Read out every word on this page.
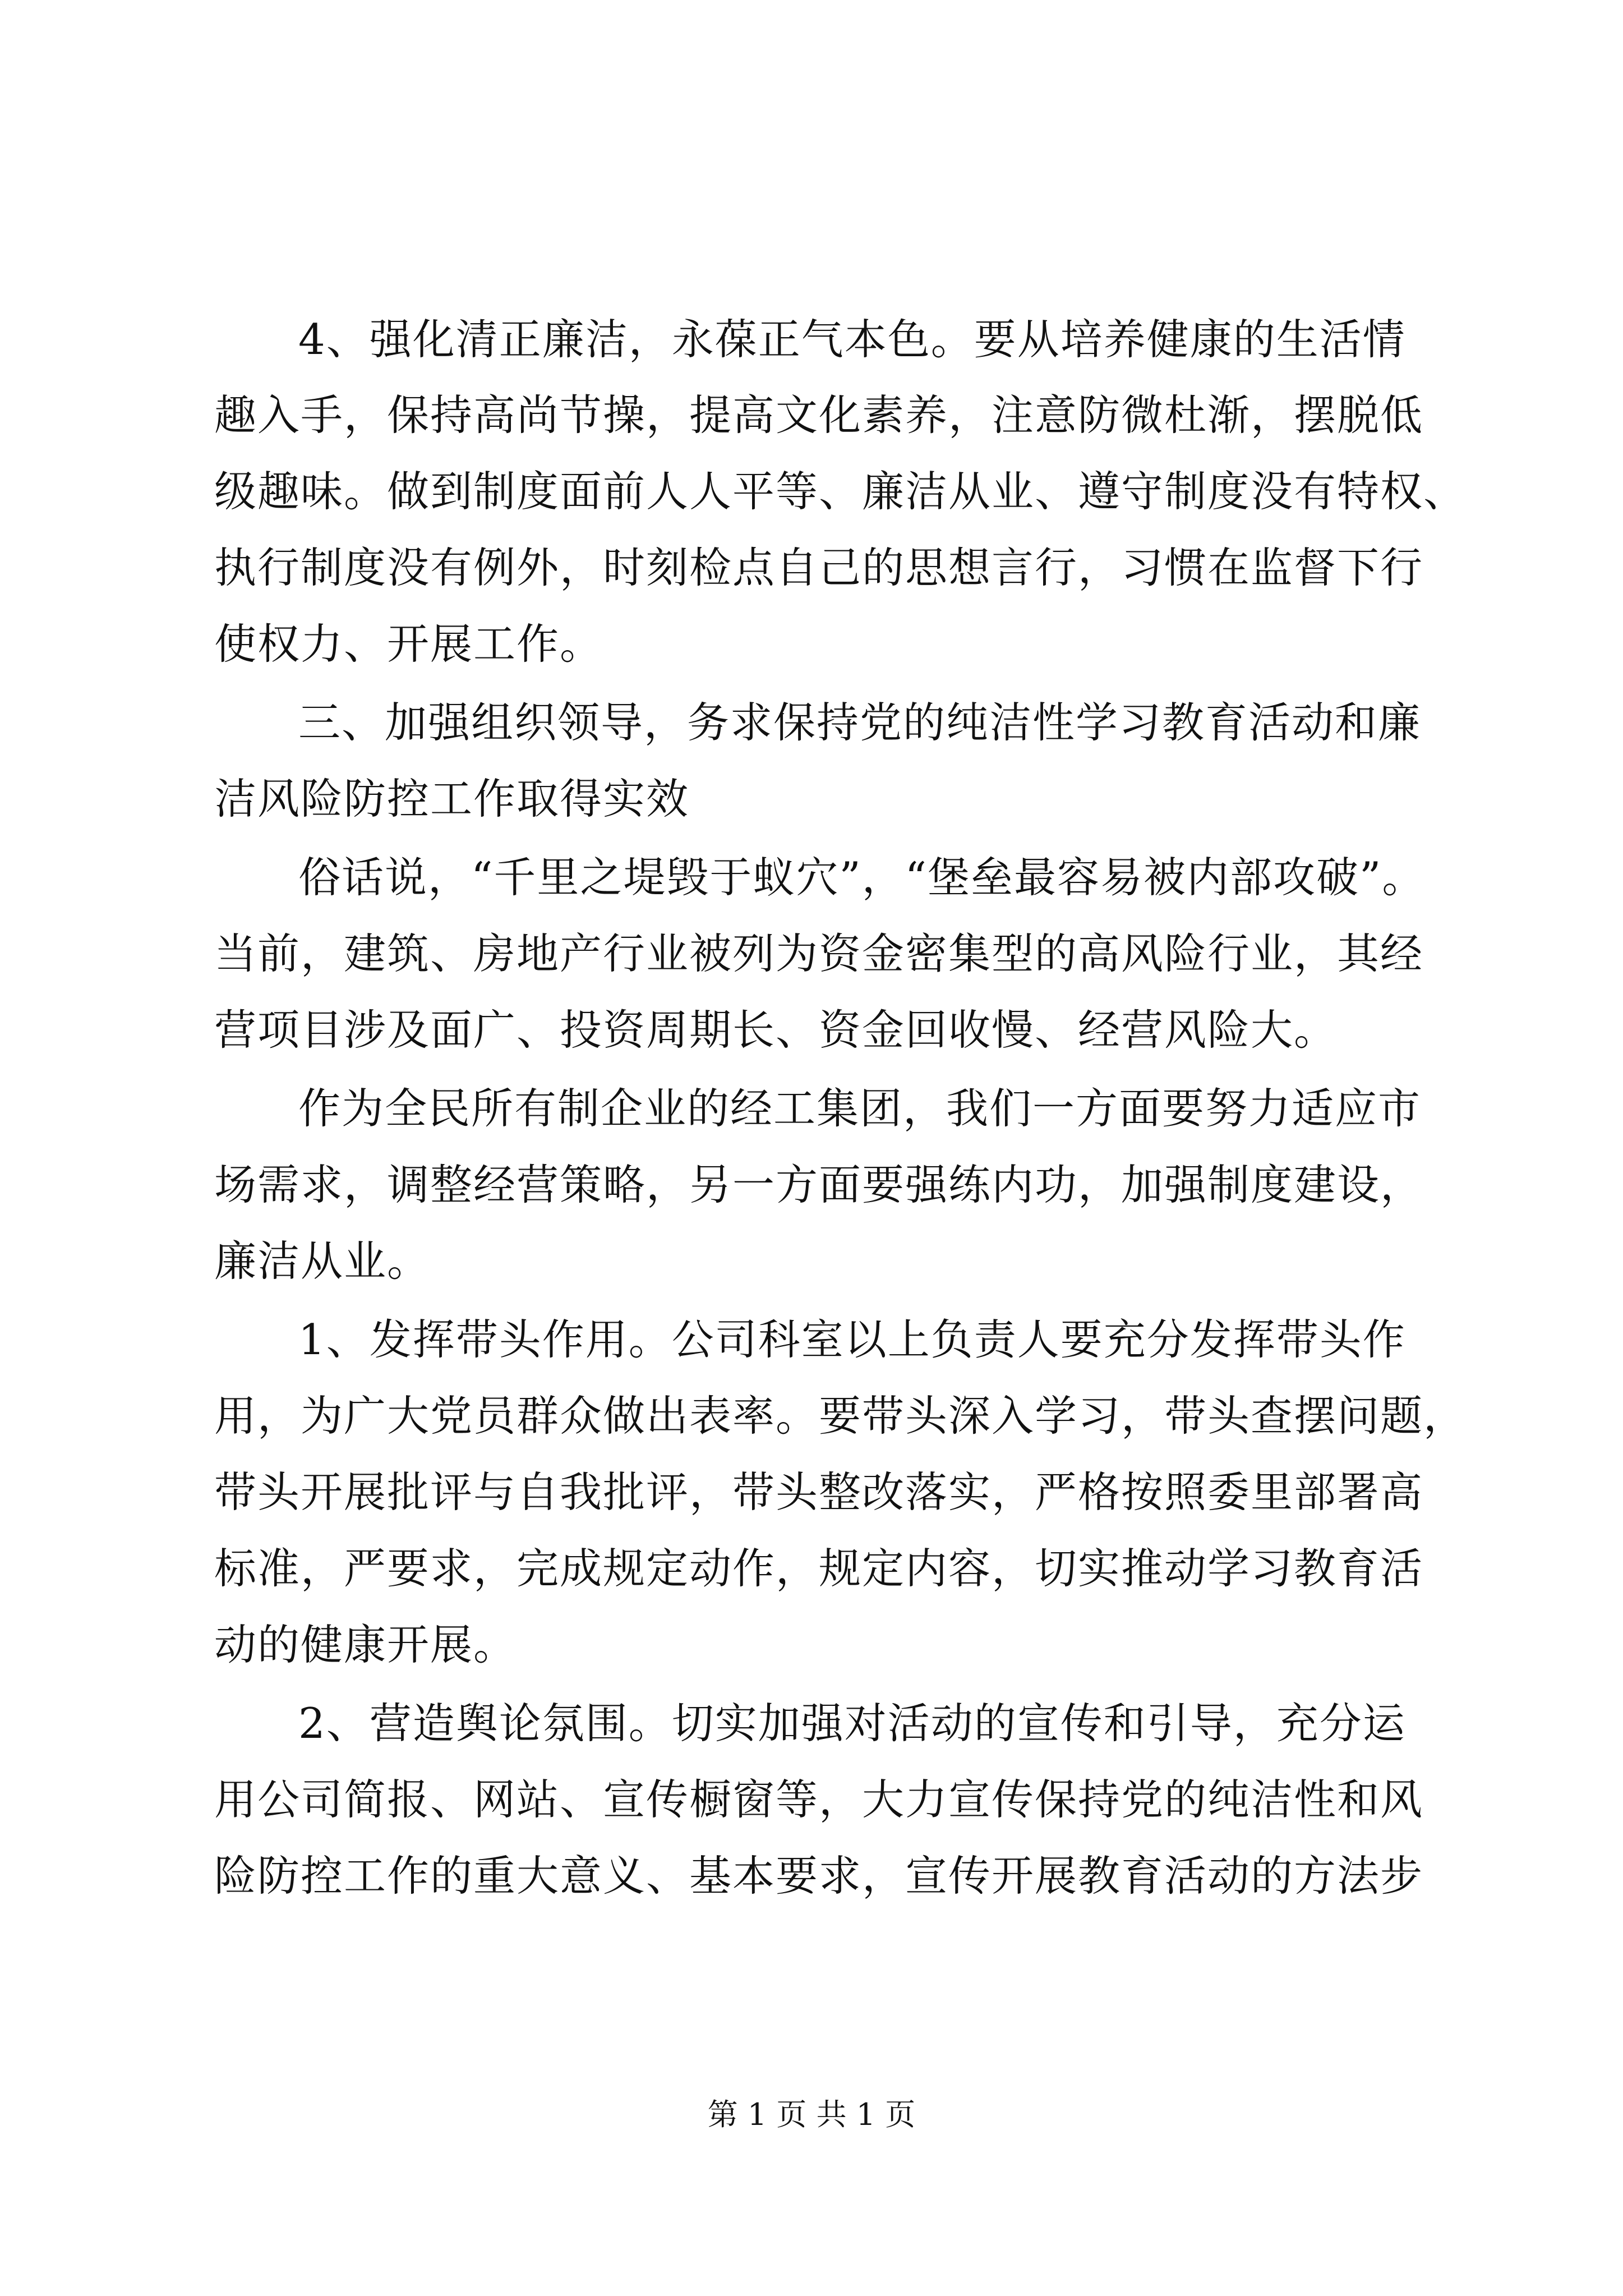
4、强化清正廉洁，永葆正气本色。要从培养健康的生活情
趣入手，保持高尚节操，提高文化素养，注意防微杜渐，摆脱低
级趣味。做到制度面前人人平等、廉洁从业、遵守制度没有特权、
执行制度没有例外，时刻检点自己的思想言行，习惯在监督下行
使权力、开展工作。
三、加强组织领导，务求保持党的纯洁性学习教育活动和廉
洁风险防控工作取得实效
俗话说，“千里之堤毁于蚁穴”，“堡垒最容易被内部攻破”。
当前，建筑、房地产行业被列为资金密集型的高风险行业，其经
营项目涉及面广、投资周期长、资金回收慢、经营风险大。
作为全民所有制企业的经工集团，我们一方面要努力适应市
场需求，调整经营策略，另一方面要强练内功，加强制度建设，
廉洁从业。
1、发挥带头作用。公司科室以上负责人要充分发挥带头作
用，为广大党员群众做出表率。要带头深入学习，带头查摆问题，
带头开展批评与自我批评，带头整改落实，严格按照委里部署高
标准，严要求，完成规定动作，规定内容，切实推动学习教育活
动的健康开展。
2、营造舆论氛围。切实加强对活动的宣传和引导，充分运
用公司简报、网站、宣传橱窗等，大力宣传保持党的纯洁性和风
险防控工作的重大意义、基本要求，宣传开展教育活动的方法步
第 1 页 共 1 页
